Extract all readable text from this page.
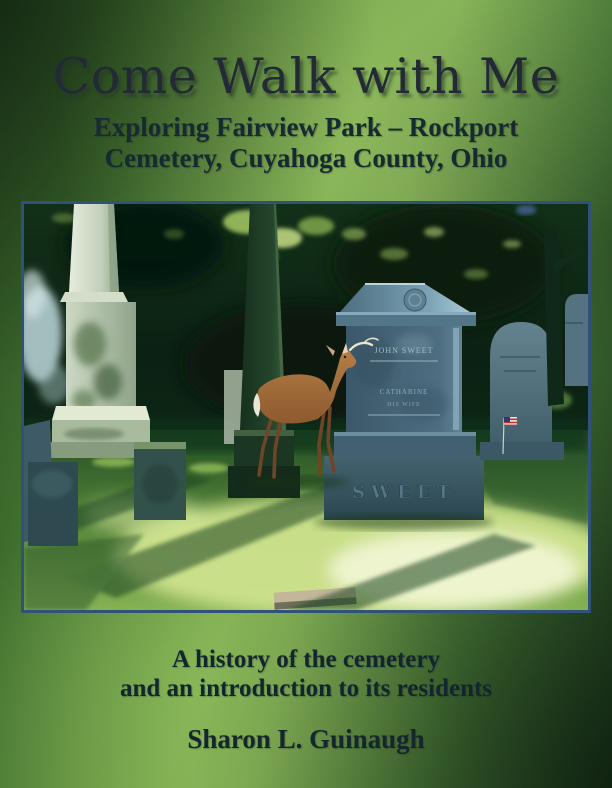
Come Walk with Me
Exploring Fairview Park – Rockport
Cemetery, Cuyahoga County, Ohio
JOHN SWEET
CATHARINE
HIS WIFE
SWEET
A history of the cemetery
and an introduction to its residents
Sharon L. Guinaugh
